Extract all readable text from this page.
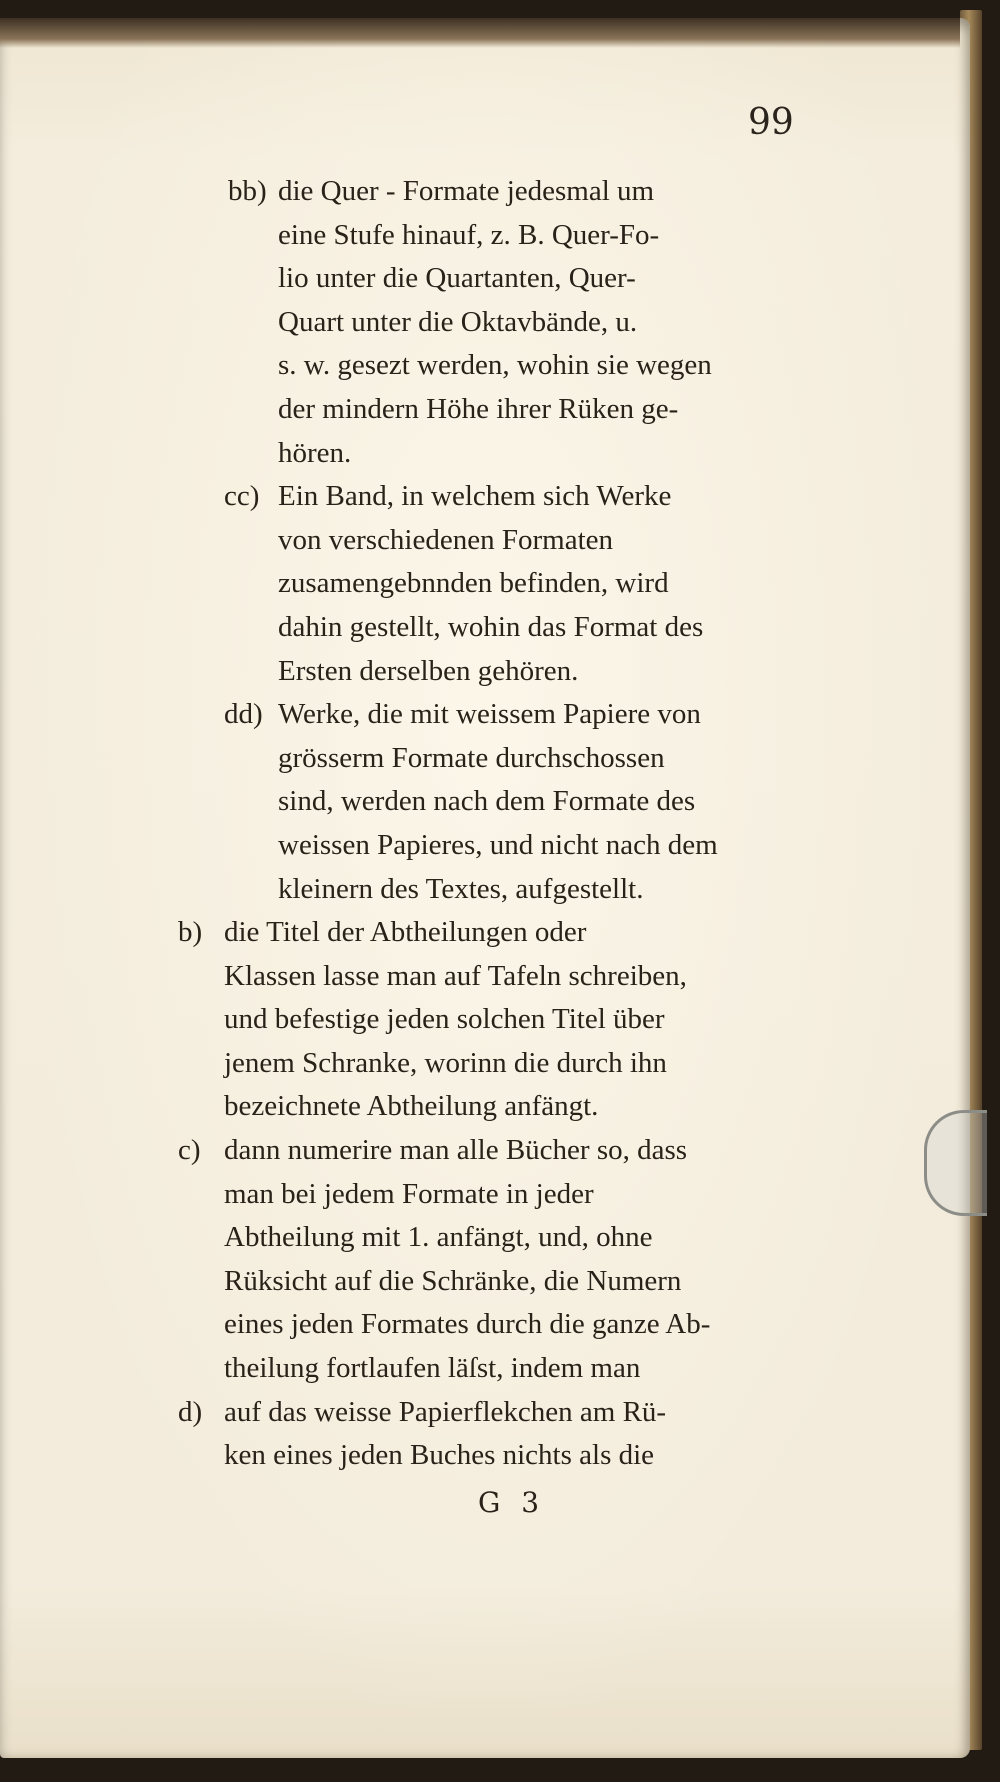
99
bb) die Quer - Formate jedesmal um
eine Stufe hinauf, z. B. Quer-Fo-
lio unter die Quartanten, Quer-
Quart unter die Oktavbände, u.
s. w. gesezt werden, wohin sie wegen
der mindern Höhe ihrer Rüken ge-
hören.
cc) Ein Band, in welchem sich Werke
von verschiedenen Formaten
zusamengebnnden befinden, wird
dahin gestellt, wohin das Format des
Ersten derselben gehören.
dd) Werke, die mit weissem Papiere von
grösserm Formate durchschossen
sind, werden nach dem Formate des
weissen Papieres, und nicht nach dem
kleinern des Textes, aufgestellt.
b) die Titel der Abtheilungen oder
Klassen lasse man auf Tafeln schreiben,
und befestige jeden solchen Titel über
jenem Schranke, worinn die durch ihn
bezeichnete Abtheilung anfängt.
c) dann numerire man alle Bücher so, dass
man bei jedem Formate in jeder
Abtheilung mit 1. anfängt, und, ohne
Rüksicht auf die Schränke, die Numern
eines jeden Formates durch die ganze Ab-
theilung fortlaufen läſst, indem man
d) auf das weisse Papierflekchen am Rü-
ken eines jeden Buches nichts als die
G 3
